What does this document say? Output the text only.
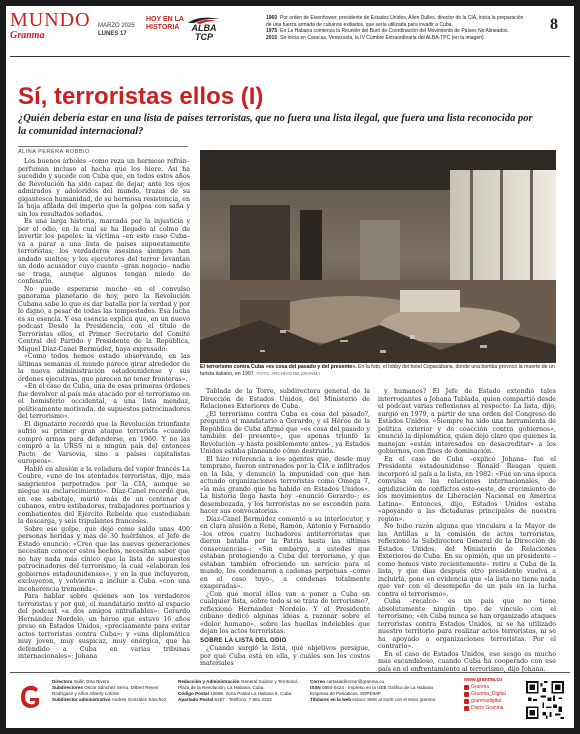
MUNDO
Granma
MARZO 2025
LUNES 17
HOY EN LA HISTORIA	ALBA TCP
1960 Por orden de Eisenhower, presidente de Estados Unidos, Allen Dulles, director de la CIA, inicia la preparación de una fuerza armada de cubanos exiliados, que sería utilizada para invadir a Cuba.
1975 En La Habana comienza la Reunión del Buró de Coordinación del Movimiento de Países No Alineados.
2015 Se inicia en Caracas, Venezuela, la IV Cumbre Extraordinaria del ALBA-TPC (en la imagen).
8
Sí, terroristas ellos (I)
¿Quién debería estar en una lista de países terroristas, que no fuera una lista ilegal, que fuera una lista reconocida por la comunidad internacional?
ALINA PERERA ROBBIO

Los buenos árboles –como reza un hermoso refrán– perfuman incluso al hacha que los hiere. Así ha sucedido y sucede con Cuba que, en todos estos años de Revolución ha sido capaz de dejar, ante los ojos admirados y adoloridos del mundo, trazas de su gigantesca humanidad, de su hermosa resistencia, en la hoja afilada del imperio que la golpea con saña y sin los resultados soñados.

Es una larga historia, marcada por la injusticia y por el odio, en la cual se ha llegado al colmo de invertir los papeles: la víctima –en este caso Cuba– va a parar a una lista de países supuestamente terroristas; los verdaderos asesinos siempre han andado sueltos; y los ejecutores del terror levantan un dedo acusador cuyo cuento –gran negocio– nadie se traga, aunque algunos tengan miedo de confesarlo.

No puede esperarse mucho en el convulso panorama planetario de hoy, pero la Revolución Cubana sabe lo que es dar batalla por la verdad y por lo digno, a pesar de todas las tempestades. Esa lucha es su esencia. Y esa esencia explica que, en un nuevo podcast Desde la Presidencia, con el título de Terroristas ellos, el Primer Secretario del Comité Central del Partido y Presidente de la República, Miguel Díaz-Canel Bermúdez, haya expresado:

«Como todos hemos estado observando, en las últimas semanas el mundo parece girar alrededor de la nueva administración estadounidense y sus órdenes ejecutivas, que parecen no tener fronteras».

«En el caso de Cuba, una de esas primeras órdenes fue devolver al país más atacado por el terrorismo en el hemisferio occidental, a una lista mendaz, políticamente motivada, de supuestos patrocinadores del terrorismo».

El dignatario recordó que la Revolución triunfante sufrió su primer gran ataque terrorista «cuando compró armas para defenderse, en 1960. Y no las compró a la URSS ni a ningún país del entonces Pacto de Varsovia, sino a países capitalistas europeos».

Habló en alusión a la voladura del vapor francés La Coubre, «uno de los atentados terroristas, dijo, más sangrientos perpetrados por la CIA, aunque se niegue su esclarecimiento». Díaz-Canel recordó que, en ese sabotaje, murió más de un centenar de cubanos, entre estibadores, trabajadores portuarios y combatientes del Ejército Rebelde que custodiaban la descarga, y seis tripulantes franceses.

Sobre ese golpe, que dejó como saldo unas 400 personas heridas y más de 30 huérfanos, el Jefe de Estado enunció: «Creo que las nuevas generaciones necesitan conocer estos hechos, necesitan saber que no hay nada más cínico que la lista de supuestos patrocinadores del terrorismo, la cual «elaboran los gobiernos estadounidenses», y en la que incluyeron, excluyeron, y volvieron a incluir a Cuba «con una incoherencia tremenda».

Para hablar sobre quiénes son los verdaderos terroristas y por qué, el mandatario invitó al espacio del podcast «a dos amigos entrañables»: Gerardo Hernández Nordelo, un héroe que estuvo 16 años preso en Estados Unidos, «precisamente para evitar actos terroristas contra Cuba»; y «una diplomática muy joven, muy suspicaz, muy enérgica, que ha defendido a Cuba en varias tribunas internacionales»: Johana

El terrorismo contra Cuba «es cosa del pasado y del presente». En la foto, el lobby del hotel Copacabana, donde una bomba provocó la muerte de un turista italiano, en 1997. FOTO: ARCHIVO DE GRANMA

Tablada de la Torre, subdirectora general de la Dirección de Estados Unidos, del Ministerio de Relaciones Exteriores de Cuba.

¿El terrorismo contra Cuba es cosa del pasado?, preguntó el mandatario a Gerardo, y el Héroe de la República de Cuba afirmó que «es cosa del pasado y también del presente», que apenas triunfó la Revolución –y hasta posiblemente antes–, ya Estados Unidos estaba planeando cómo destruirla.

El hizo referencia a los agentes que, desde muy temprano, fueron entrenados por la CIA e infiltrados en la Isla, y denunció la impunidad con que han actuado organizaciones terroristas como Omega 7, «la más grande que ha habido en Estados Unidos». La historia llega hasta hoy –enunció Gerardo–; es desembozada, y los terroristas no se esconden para hacer sus convocatorias.

Díaz-Canel Bermúdez comentó a su interlocutor, y en clara alusión a René, Ramón, Antonio y Fernando –los otros cuatro luchadores antiterroristas que dieron batalla por la Patria hasta las últimas consecuencias–: «Sin embargo, a ustedes que estaban protegiendo a Cuba del terrorismo, y que estaban también ofreciendo un servicio para el mundo, los condenaron a cadenas perpetuas –como en el caso tuyo–, a condenas totalmente exageradas».

¿Con qué moral ellos van a poner a Cuba en cualquier lista, sobre todo si se trata de terrorismo?, reflexionó Hernández Nordelo. Y el Presidente cubano dedicó algunas ideas a razonar sobre el «dolor humano», sobre las huellas indelebles que dejan los actos terroristas.

SOBRE LA LISTA DEL ODIO

¿Cuándo surgió la lista, qué objetivos persigue, por qué Cuba está en ella, y cuáles son los costos materiales

y humanos? El Jefe de Estado extendió tales interrogantes a Johana Tablada, quien compartió desde el podcast varias reflexiones al respecto: La lista, dijo, surgió en 1979, a partir de una orden del Congreso de Estados Unidos. «Siempre ha sido una herramienta de política exterior y de coacción contra gobiernos», enunció la diplomática, quien dejó claro que quienes la manejan «están interesados en desacreditar» a los gobiernos, con fines de dominación.

En el caso de Cuba –explicó Johana– fue el Presidente estadounidense Ronald Reagan quien incorporó al país a la lista, en 1982: «Fue en una época convulsa en las relaciones internacionales, de agudización de conflictos este-oeste, de crecimiento de los movimientos de Liberación Nacional en América Latina». Entonces, dijo, Estados Unidos estaba «apoyando a las dictaduras principales de nuestra región».

No hubo razón alguna que vinculara a la Mayor de las Antillas a la comisión de actos terroristas, reflexionó la Subdirectora General de la Dirección de Estados Unidos, del Ministerio de Relaciones Exteriores de Cuba. En su opinión, que un presidente –como hemos visto recientemente– retire a Cuba de la lista, y que días después otro presidente vuelva a incluirla, pone en evidencia que «la lista no tiene nada que ver con el desempeño de un país en la lucha contra el terrorismo».

Cuba –recalcó– es un país que no tiene absolutamente ningún tipo de vínculo con el terrorismo; «en Cuba nunca se han organizado ataques terroristas contra Estados Unidos, ni se ha utilizado nuestro territorio para realizar actos terroristas, ni se ha apoyado a organizaciones terroristas. Por el contrario».

En el caso de Estados Unidos, ese sesgo es mucho más escandaloso, cuando Cuba ha cooperado con ese país en el enfrentamiento al terrorismo, dijo Johana.

Directora Yailín Orta Rivera
Subdirectores Oscar Sánchez Serra, Dilbert Reyes Rodríguez y Alfon Alberty Loforte
Subdirector administrativo Andrés González Sánchez
Redacción y Administración General Suárez y Territorial, Plaza de la Revolución, La Habana, Cuba.
Código Postal 10699. Zona Postal La Habana 6, Cuba.
Apartado Postal 6187 · Teléfono: 7 881 3333
Correo cartasaldirector@granma.cu
ISSN 0864-0424 · Impreso en la UEB Gráfica de La Habana
Empresa de Periódicos. SDPEIMP.
Titulares en la web enlace SMS al 8100 con el texto granma
www.granma.cu
Granma
Granma_Digital
granmadigital
Diario Granma
